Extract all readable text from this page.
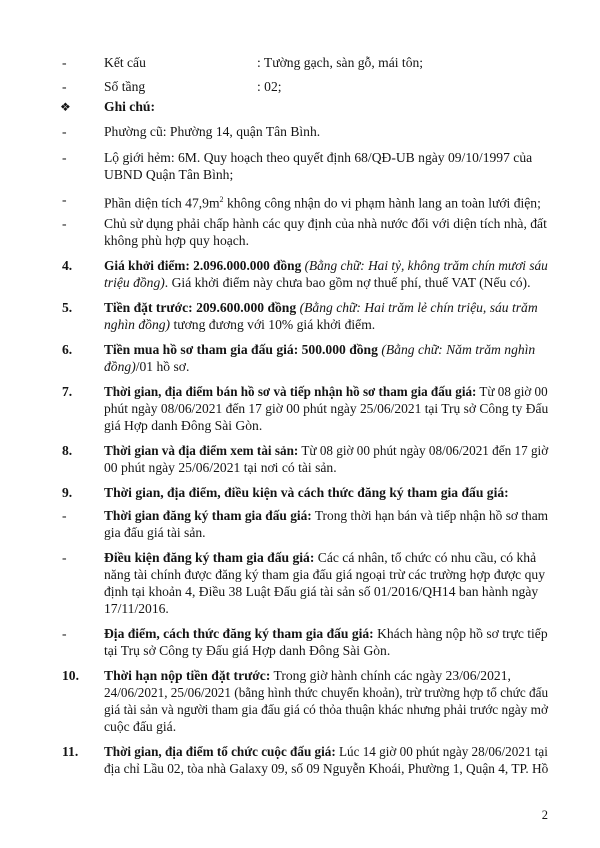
-	Kết cấu	: Tường gạch, sàn gỗ, mái tôn;
-	Số tầng	: 02;
❖ Ghi chú:
-	Phường cũ: Phường 14, quận Tân Bình.
-	Lộ giới hẻm: 6M. Quy hoạch theo quyết định 68/QĐ-UB ngày 09/10/1997 của
UBND Quận Tân Bình;
-	Phần diện tích $47,9m^2$ không công nhận do vi phạm hành lang an toàn lưới điện;
-	Chủ sử dụng phải chấp hành các quy định của nhà nước đối với diện tích nhà, đất
không phù hợp quy hoạch.
4. Giá khởi điểm: 2.096.000.000 đồng (Bằng chữ: Hai tỷ, không trăm chín mươi sáu
triệu đồng). Giá khởi điểm này chưa bao gồm nợ thuế phí, thuế VAT (Nếu có).
5. Tiền đặt trước: 209.600.000 đồng (Bằng chữ: Hai trăm lẻ chín triệu, sáu trăm
nghìn đồng) tương đương với 10% giá khởi điểm.
6. Tiền mua hồ sơ tham gia đấu giá: 500.000 đồng (Bằng chữ: Năm trăm nghìn
đồng)/01 hồ sơ.
7. Thời gian, địa điểm bán hồ sơ và tiếp nhận hồ sơ tham gia đấu giá: Từ 08 giờ 00
phút ngày 08/06/2021 đến 17 giờ 00 phút ngày 25/06/2021 tại Trụ sở Công ty Đấu
giá Hợp danh Đông Sài Gòn.
8. Thời gian và địa điểm xem tài sản: Từ 08 giờ 00 phút ngày 08/06/2021 đến 17 giờ
00 phút ngày 25/06/2021 tại nơi có tài sản.
9. Thời gian, địa điểm, điều kiện và cách thức đăng ký tham gia đấu giá:
-	Thời gian đăng ký tham gia đấu giá: Trong thời hạn bán và tiếp nhận hồ sơ tham
gia đấu giá tài sản.
-	Điều kiện đăng ký tham gia đấu giá: Các cá nhân, tổ chức có nhu cầu, có khả
năng tài chính được đăng ký tham gia đấu giá ngoại trừ các trường hợp được quy
định tại khoản 4, Điều 38 Luật Đấu giá tài sản số 01/2016/QH14 ban hành ngày
17/11/2016.
-	Địa điểm, cách thức đăng ký tham gia đấu giá: Khách hàng nộp hồ sơ trực tiếp
tại Trụ sở Công ty Đấu giá Hợp danh Đông Sài Gòn.
10. Thời hạn nộp tiền đặt trước: Trong giờ hành chính các ngày 23/06/2021,
24/06/2021, 25/06/2021 (bằng hình thức chuyển khoản), trừ trường hợp tổ chức đấu
giá tài sản và người tham gia đấu giá có thỏa thuận khác nhưng phải trước ngày mở
cuộc đấu giá.
11. Thời gian, địa điểm tổ chức cuộc đấu giá: Lúc 14 giờ 00 phút ngày 28/06/2021 tại
địa chỉ Lầu 02, tòa nhà Galaxy 09, số 09 Nguyễn Khoái, Phường 1, Quận 4, TP. Hồ
2
